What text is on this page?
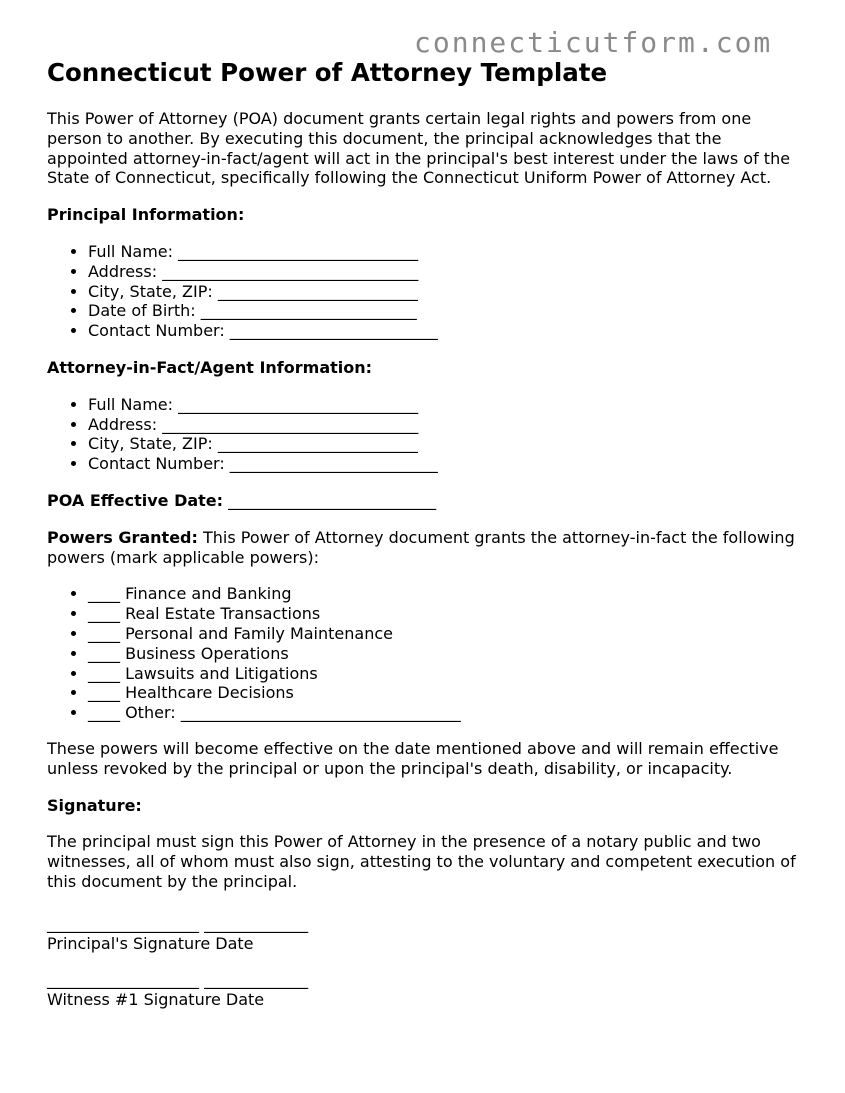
connecticutform.com
Connecticut Power of Attorney Template

This Power of Attorney (POA) document grants certain legal rights and powers from one person to another. By executing this document, the principal acknowledges that the appointed attorney-in-fact/agent will act in the principal's best interest under the laws of the State of Connecticut, specifically following the Connecticut Uniform Power of Attorney Act.

Principal Information:

• Full Name: ______________________________
• Address: ________________________________
• City, State, ZIP: _________________________
• Date of Birth: ___________________________
• Contact Number: __________________________

Attorney-in-Fact/Agent Information:

• Full Name: ______________________________
• Address: ________________________________
• City, State, ZIP: _________________________
• Contact Number: __________________________

POA Effective Date: __________________________

Powers Granted: This Power of Attorney document grants the attorney-in-fact the following powers (mark applicable powers):

• ____ Finance and Banking
• ____ Real Estate Transactions
• ____ Personal and Family Maintenance
• ____ Business Operations
• ____ Lawsuits and Litigations
• ____ Healthcare Decisions
• ____ Other: ___________________________________

These powers will become effective on the date mentioned above and will remain effective unless revoked by the principal or upon the principal's death, disability, or incapacity.

Signature:

The principal must sign this Power of Attorney in the presence of a notary public and two witnesses, all of whom must also sign, attesting to the voluntary and competent execution of this document by the principal.

___________________ _____________
Principal's Signature Date
___________________ _____________
Witness #1 Signature Date
